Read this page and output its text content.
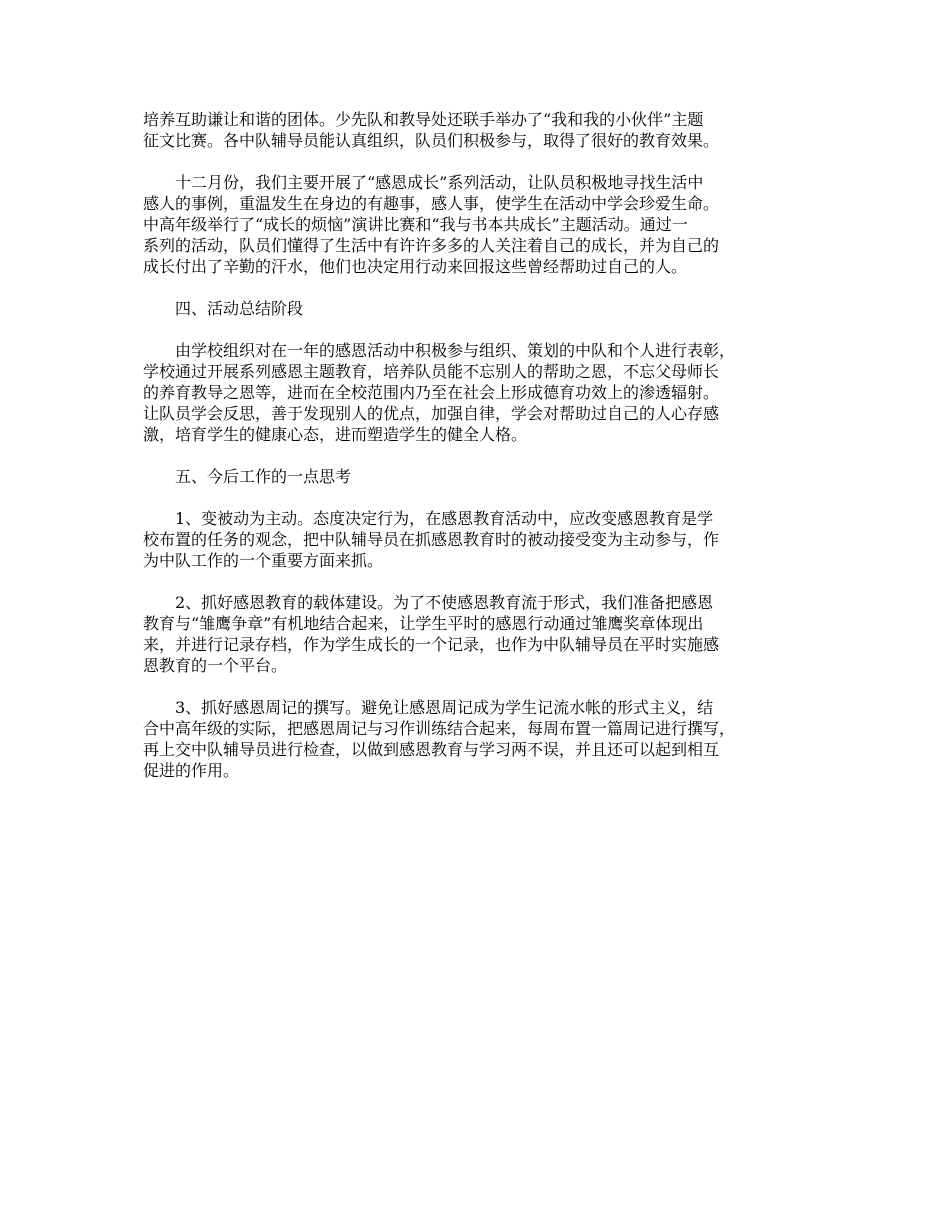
培养互助谦让和谐的团体。少先队和教导处还联手举办了“我和我的小伙伴”主题
征文比赛。各中队辅导员能认真组织，队员们积极参与，取得了很好的教育效果。

十二月份，我们主要开展了“感恩成长”系列活动，让队员积极地寻找生活中
感人的事例，重温发生在身边的有趣事，感人事，使学生在活动中学会珍爱生命。
中高年级举行了“成长的烦恼”演讲比赛和“我与书本共成长”主题活动。通过一
系列的活动，队员们懂得了生活中有许许多多的人关注着自己的成长，并为自己的
成长付出了辛勤的汗水，他们也决定用行动来回报这些曾经帮助过自己的人。

四、活动总结阶段

由学校组织对在一年的感恩活动中积极参与组织、策划的中队和个人进行表彰，
学校通过开展系列感恩主题教育，培养队员能不忘别人的帮助之恩，不忘父母师长
的养育教导之恩等，进而在全校范围内乃至在社会上形成德育功效上的渗透辐射。
让队员学会反思，善于发现别人的优点，加强自律，学会对帮助过自己的人心存感
激，培育学生的健康心态，进而塑造学生的健全人格。

五、今后工作的一点思考

1、变被动为主动。态度决定行为，在感恩教育活动中，应改变感恩教育是学
校布置的任务的观念，把中队辅导员在抓感恩教育时的被动接受变为主动参与，作
为中队工作的一个重要方面来抓。

2、抓好感恩教育的载体建设。为了不使感恩教育流于形式，我们准备把感恩
教育与“雏鹰争章”有机地结合起来，让学生平时的感恩行动通过雏鹰奖章体现出
来，并进行记录存档，作为学生成长的一个记录，也作为中队辅导员在平时实施感
恩教育的一个平台。

3、抓好感恩周记的撰写。避免让感恩周记成为学生记流水帐的形式主义，结
合中高年级的实际，把感恩周记与习作训练结合起来，每周布置一篇周记进行撰写，
再上交中队辅导员进行检查，以做到感恩教育与学习两不误，并且还可以起到相互
促进的作用。
